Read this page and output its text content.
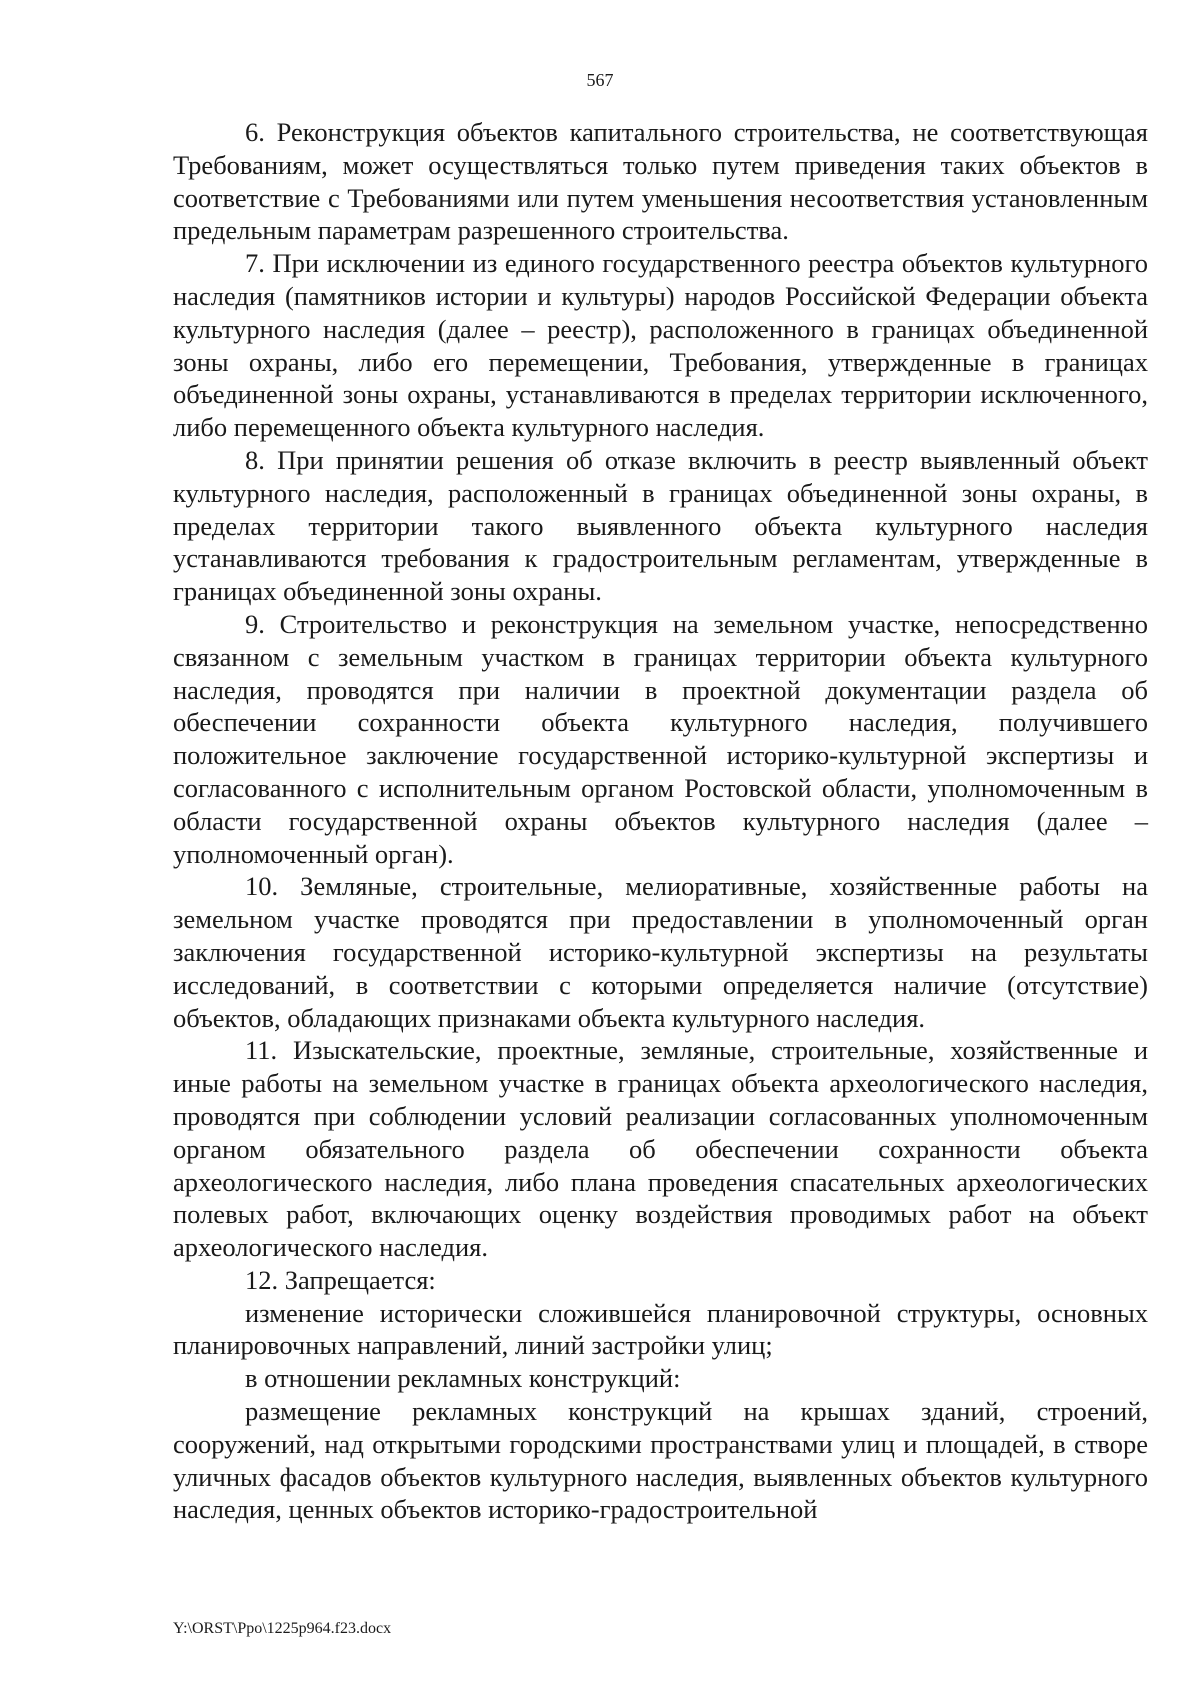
567

6. Реконструкция объектов капитального строительства, не соответствующая Требованиям, может осуществляться только путем приведения таких объектов в соответствие с Требованиями или путем уменьшения несоответствия установленным предельным параметрам разрешенного строительства.

7. При исключении из единого государственного реестра объектов культурного наследия (памятников истории и культуры) народов Российской Федерации объекта культурного наследия (далее – реестр), расположенного в границах объединенной зоны охраны, либо его перемещении, Требования, утвержденные в границах объединенной зоны охраны, устанавливаются в пределах территории исключенного, либо перемещенного объекта культурного наследия.

8. При принятии решения об отказе включить в реестр выявленный объект культурного наследия, расположенный в границах объединенной зоны охраны, в пределах территории такого выявленного объекта культурного наследия устанавливаются требования к градостроительным регламентам, утвержденные в границах объединенной зоны охраны.

9. Строительство и реконструкция на земельном участке, непосредственно связанном с земельным участком в границах территории объекта культурного наследия, проводятся при наличии в проектной документации раздела об обеспечении сохранности объекта культурного наследия, получившего положительное заключение государственной историко-культурной экспертизы и согласованного с исполнительным органом Ростовской области, уполномоченным в области государственной охраны объектов культурного наследия (далее – уполномоченный орган).

10. Земляные, строительные, мелиоративные, хозяйственные работы на земельном участке проводятся при предоставлении в уполномоченный орган заключения государственной историко-культурной экспертизы на результаты исследований, в соответствии с которыми определяется наличие (отсутствие) объектов, обладающих признаками объекта культурного наследия.

11. Изыскательские, проектные, земляные, строительные, хозяйственные и иные работы на земельном участке в границах объекта археологического наследия, проводятся при соблюдении условий реализации согласованных уполномоченным органом обязательного раздела об обеспечении сохранности объекта археологического наследия, либо плана проведения спасательных археологических полевых работ, включающих оценку воздействия проводимых работ на объект археологического наследия.

12. Запрещается:

изменение исторически сложившейся планировочной структуры, основных планировочных направлений, линий застройки улиц;

в отношении рекламных конструкций:

размещение рекламных конструкций на крышах зданий, строений, сооружений, над открытыми городскими пространствами улиц и площадей, в створе уличных фасадов объектов культурного наследия, выявленных объектов культурного наследия, ценных объектов историко-градостроительной

Y:\ORST\Ppo\1225p964.f23.docx
